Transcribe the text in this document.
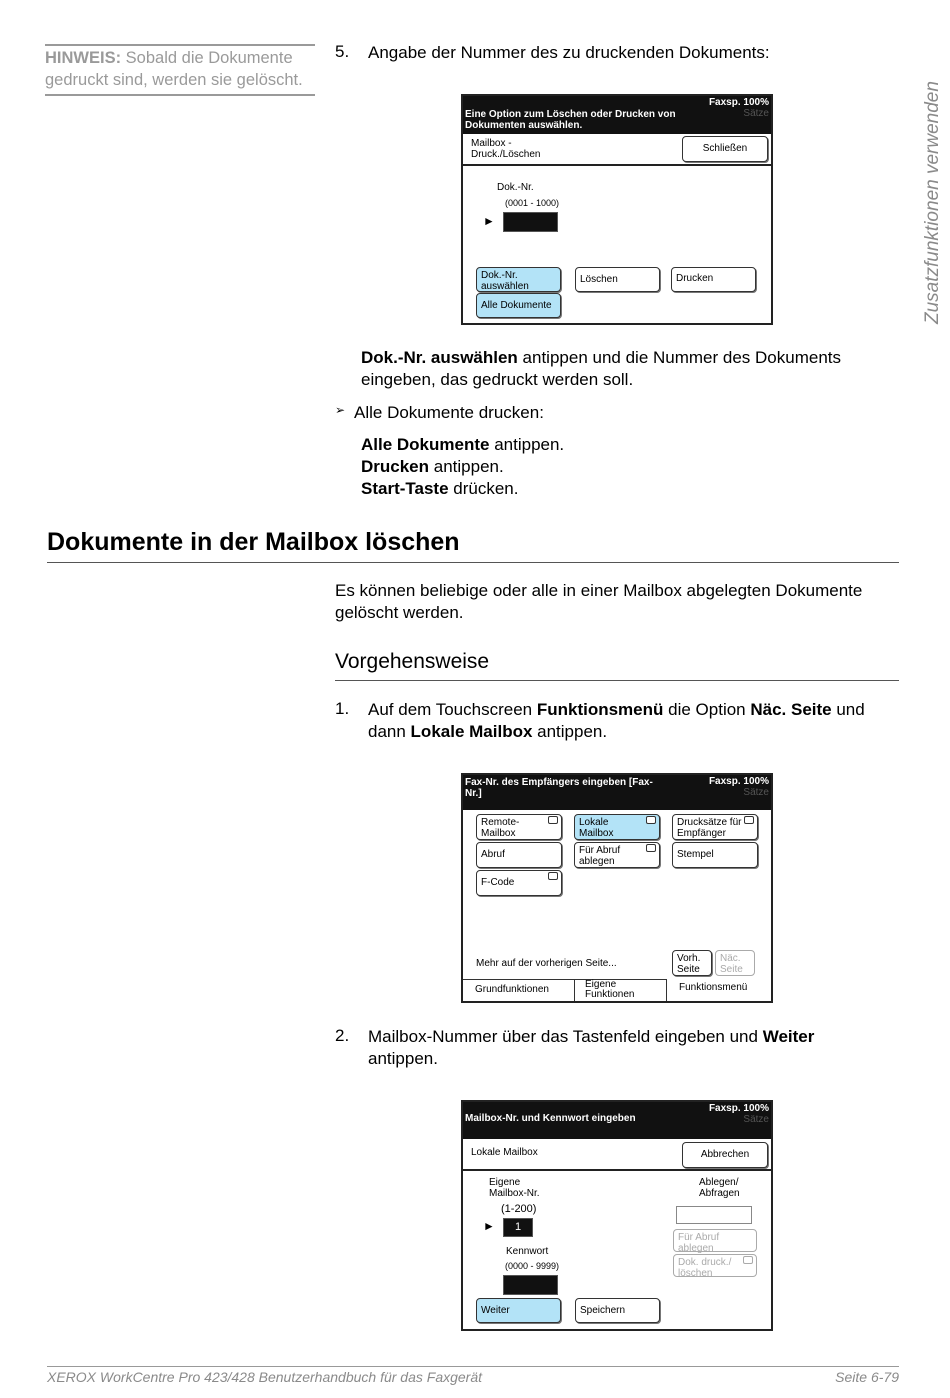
HINWEIS: Sobald die Dokumente gedruckt sind, werden sie gelöscht.
Zusatzfunktionen verwenden
5. Angabe der Nummer des zu druckenden Dokuments:
Eine Option zum Löschen oder Drucken von Dokumenten auswählen.
Faxsp. 100%
Sätze
Mailbox - Druck./Löschen
Schließen
Dok.-Nr.
(0001 - 1000)
►
Dok.-Nr. auswählen
Alle Dokumente
Löschen	Drucken
Dok.-Nr. auswählen antippen und die Nummer des Dokuments eingeben, das gedruckt werden soll.
➢ Alle Dokumente drucken:
Alle Dokumente antippen.
Drucken antippen.
Start-Taste drücken.
Dokumente in der Mailbox löschen
Es können beliebige oder alle in einer Mailbox abgelegten Dokumente gelöscht werden.
Vorgehensweise
1. Auf dem Touchscreen Funktionsmenü die Option Näc. Seite und dann Lokale Mailbox antippen.
Fax-Nr. des Empfängers eingeben [Fax-Nr.]
Faxsp. 100%
Sätze
Remote-Mailbox
Lokale Mailbox
Drucksätze für Empfänger
Abruf	Für Abruf ablegen
Stempel
F-Code
Mehr auf der vorherigen Seite...	Vorh. Seite
Näc. Seite
Grundfunktionen	Eigene Funktionen
Funktionsmenü
2. Mailbox-Nummer über das Tastenfeld eingeben und Weiter antippen.
Mailbox-Nr. und Kennwort eingeben
Faxsp. 100%
Sätze
Lokale Mailbox	Abbrechen
Eigene Mailbox-Nr.
(1-200)
►	1
Kennwort
(0000 - 9999)
Ablegen/ Abfragen
Für Abruf ablegen
Dok. druck./ löschen
Weiter	Speichern
XEROX WorkCentre Pro 423/428 Benutzerhandbuch für das Faxgerät	Seite 6-79
